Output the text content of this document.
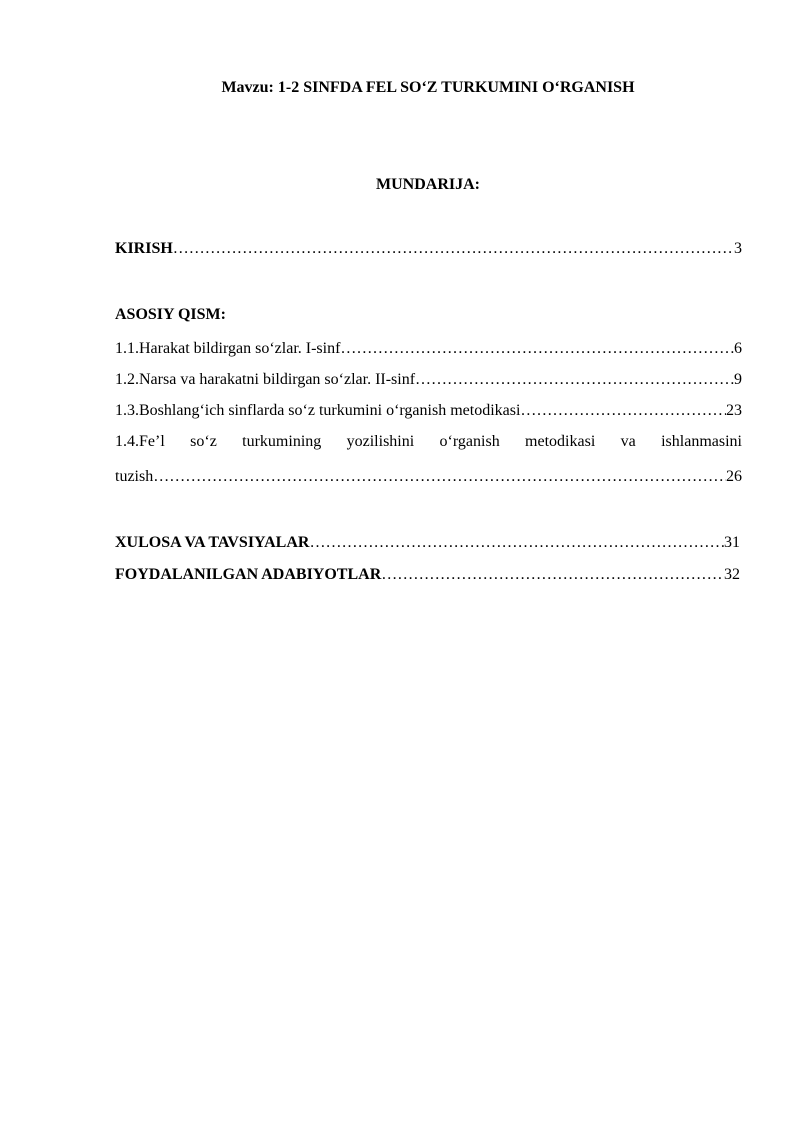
Mavzu: 1-2 SINFDA FEL SO‘Z TURKUMINI O‘RGANISH
MUNDARIJA:
KIRISH ……………………………………………………………………………………………………………………………………………………	3
ASOSIY QISM:
1.1.Harakat bildirgan so‘zlar. I-sinf ……………………………………………………………………………………………………………………………………………………	6
1.2.Narsa va harakatni bildirgan so‘zlar. II-sinf ……………………………………………………………………………………………………………………………………………………	9
1.3.Boshlang‘ich sinflarda so‘z turkumini o‘rganish metodikasi ……………………………………………………………………………………………………………………………………………………	23
1.4.Fe’l so‘z turkumining yozilishini o‘rganish metodikasi va ishlanmasini
tuzish ……………………………………………………………………………………………………………………………………………………	26
XULOSA VA TAVSIYALAR ……………………………………………………………………………………………………………………………………………………	31
FOYDALANILGAN ADABIYOTLAR ……………………………………………………………………………………………………………………………………………………	32
